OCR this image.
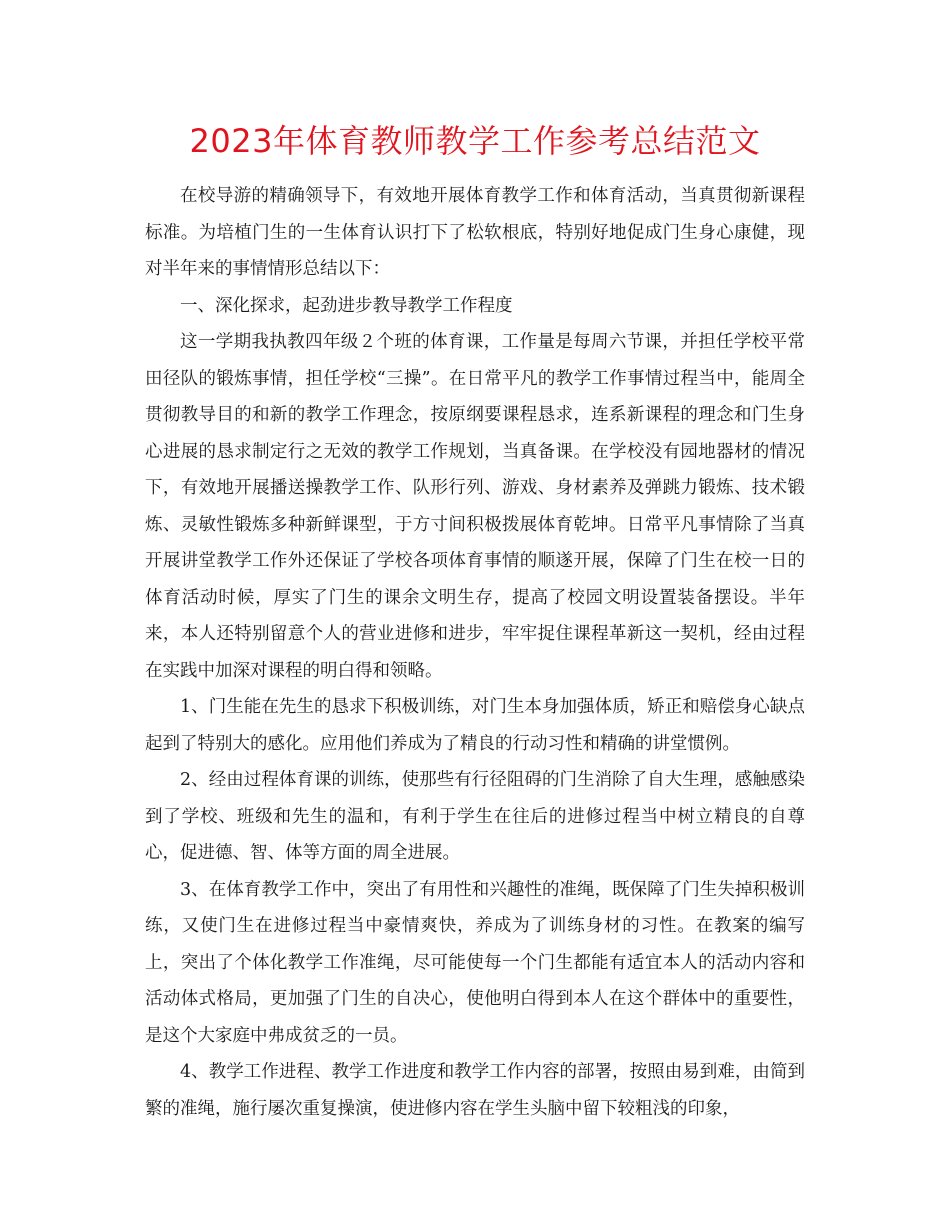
2023年体育教师教学工作参考总结范文

在校导游的精确领导下，有效地开展体育教学工作和体育活动，当真贯彻新课程标准。为培植门生的一生体育认识打下了松软根底，特别好地促成门生身心康健，现对半年来的事情情形总结以下：

一、深化探求，起劲进步教导教学工作程度

这一学期我执教四年级２个班的体育课，工作量是每周六节课，并担任学校平常田径队的锻炼事情，担任学校“三操”。在日常平凡的教学工作事情过程当中，能周全贯彻教导目的和新的教学工作理念，按原纲要课程恳求，连系新课程的理念和门生身心进展的恳求制定行之无效的教学工作规划，当真备课。在学校没有园地器材的情况下，有效地开展播送操教学工作、队形行列、游戏、身材素养及弹跳力锻炼、技术锻炼、灵敏性锻炼多种新鲜课型，于方寸间积极拨展体育乾坤。日常平凡事情除了当真开展讲堂教学工作外还保证了学校各项体育事情的顺遂开展，保障了门生在校一日的体育活动时候，厚实了门生的课余文明生存，提高了校园文明设置装备摆设。半年来，本人还特别留意个人的营业进修和进步，牢牢捉住课程革新这一契机，经由过程在实践中加深对课程的明白得和领略。

1、门生能在先生的恳求下积极训练，对门生本身加强体质，矫正和赔偿身心缺点起到了特别大的感化。应用他们养成为了精良的行动习性和精确的讲堂惯例。

2、经由过程体育课的训练，使那些有行径阻碍的门生消除了自大生理，感触感染到了学校、班级和先生的温和，有利于学生在往后的进修过程当中树立精良的自尊心，促进德、智、体等方面的周全进展。

3、在体育教学工作中，突出了有用性和兴趣性的准绳，既保障了门生失掉积极训练，又使门生在进修过程当中豪情爽快，养成为了训练身材的习性。在教案的编写上，突出了个体化教学工作准绳，尽可能使每一个门生都能有适宜本人的活动内容和活动体式格局，更加强了门生的自决心，使他明白得到本人在这个群体中的重要性，是这个大家庭中弗成贫乏的一员。

4、教学工作进程、教学工作进度和教学工作内容的部署，按照由易到难，由简到繁的准绳，施行屡次重复操演，使进修内容在学生头脑中留下较粗浅的印象，
